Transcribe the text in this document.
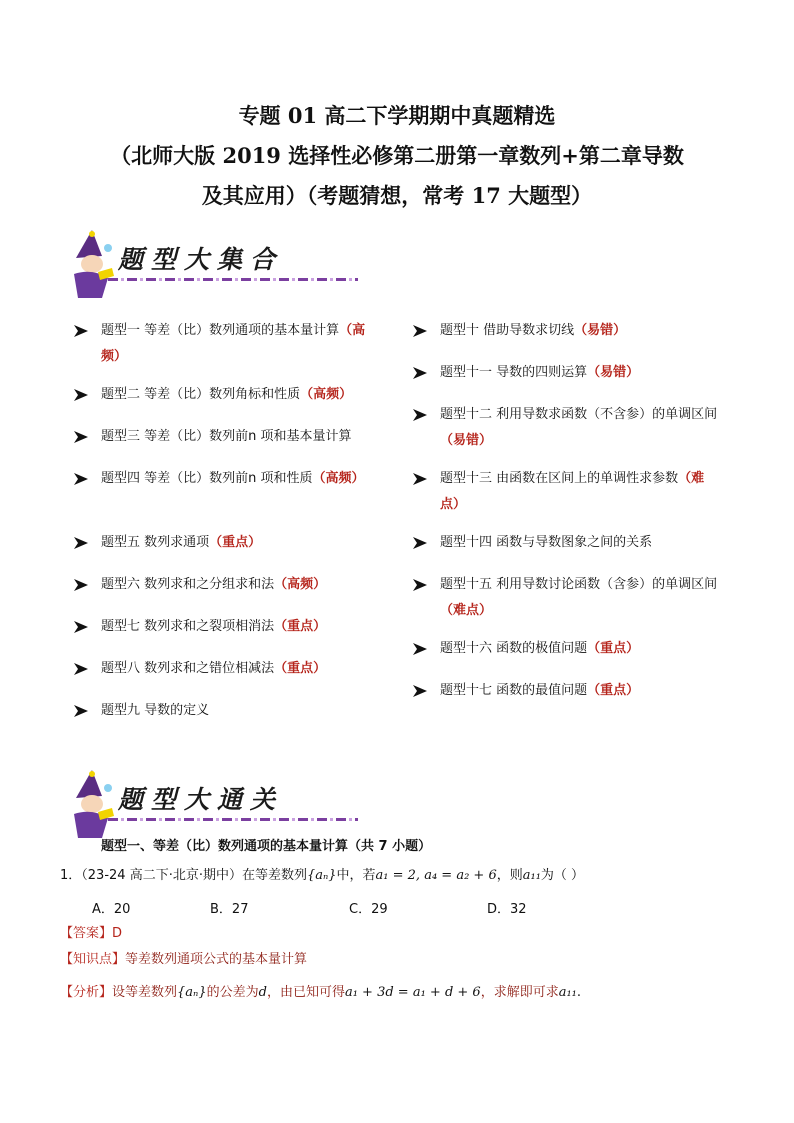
专题 01 高二下学期期中真题精选
（北师大版 2019 选择性必修第二册第一章数列+第二章导数
及其应用）（考题猜想，常考 17 大题型）
题型大集合
题型一 等差（比）数列通项的基本量计算（高频）
题型二 等差（比）数列角标和性质（高频）
题型三 等差（比）数列前n 项和基本量计算
题型四 等差（比）数列前n 项和性质（高频）
题型五 数列求通项（重点）
题型六 数列求和之分组求和法（高频）
题型七 数列求和之裂项相消法（重点）
题型八 数列求和之错位相减法（重点）
题型九 导数的定义
题型十 借助导数求切线（易错）
题型十一 导数的四则运算（易错）
题型十二 利用导数求函数（不含参）的单调区间（易错）
题型十三 由函数在区间上的单调性求参数（难点）
题型十四 函数与导数图象之间的关系
题型十五 利用导数讨论函数（含参）的单调区间（难点）
题型十六 函数的极值问题（重点）
题型十七 函数的最值问题（重点）
题型大通关
题型一、等差（比）数列通项的基本量计算（共 7 小题）
1．（23-24 高二下·北京·期中）在等差数列{aₙ}中，若a₁ = 2, a₄ = a₂ + 6，则a₁₁为（ ）
A．20	B．27	C．29	D．32
【答案】D
【知识点】等差数列通项公式的基本量计算
【分析】设等差数列{aₙ}的公差为d，由已知可得a₁ + 3d = a₁ + d + 6，求解即可求a₁₁.
